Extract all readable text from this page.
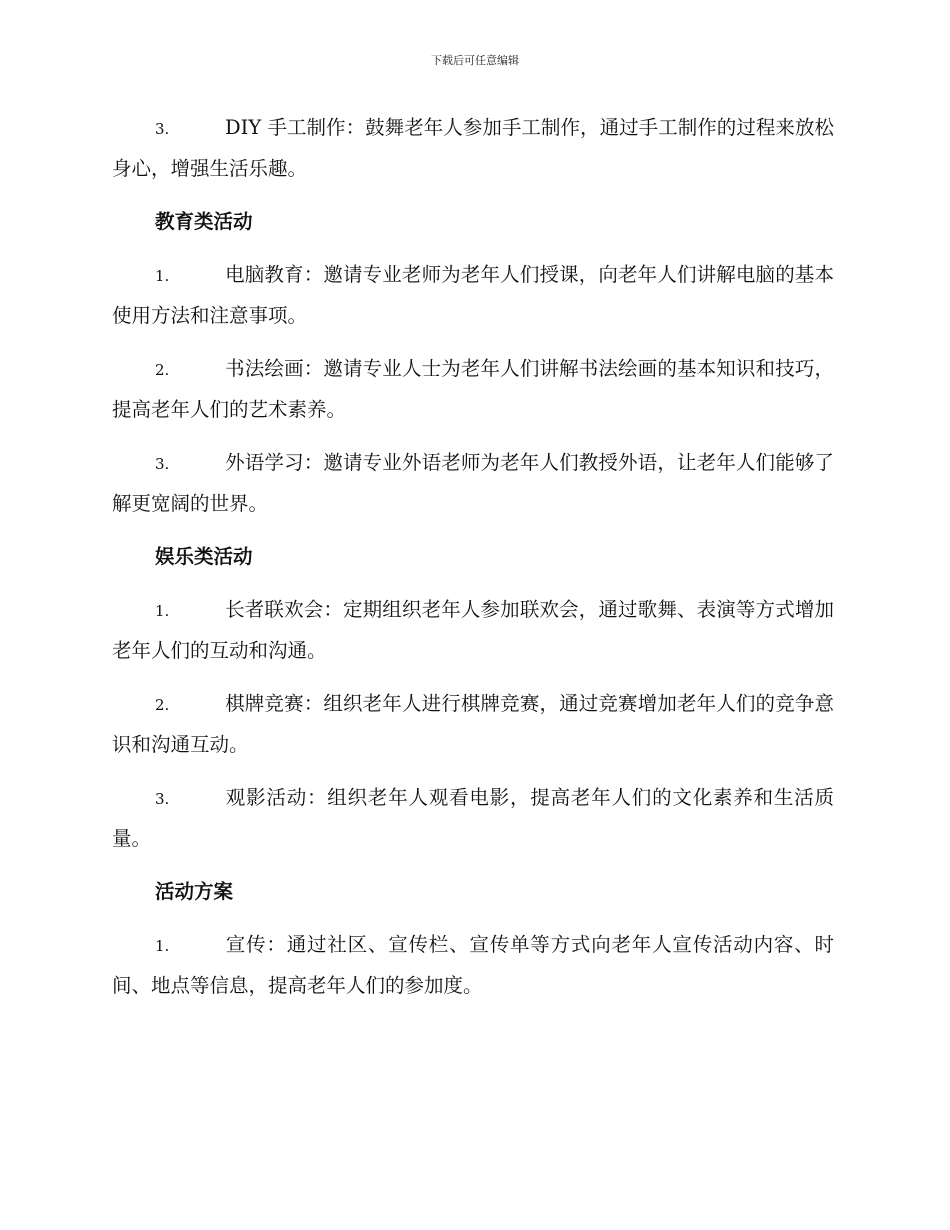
下载后可任意编辑

3.	DIY 手工制作：鼓舞老年人参加手工制作，通过手工制作的过程来放松身心，增强生活乐趣。

教育类活动

1.	电脑教育：邀请专业老师为老年人们授课，向老年人们讲解电脑的基本使用方法和注意事项。

2.	书法绘画：邀请专业人士为老年人们讲解书法绘画的基本知识和技巧，提高老年人们的艺术素养。

3.	外语学习：邀请专业外语老师为老年人们教授外语，让老年人们能够了解更宽阔的世界。

娱乐类活动

1.	长者联欢会：定期组织老年人参加联欢会，通过歌舞、表演等方式增加老年人们的互动和沟通。

2.	棋牌竞赛：组织老年人进行棋牌竞赛，通过竞赛增加老年人们的竞争意识和沟通互动。

3.	观影活动：组织老年人观看电影，提高老年人们的文化素养和生活质量。

活动方案

1.	宣传：通过社区、宣传栏、宣传单等方式向老年人宣传活动内容、时间、地点等信息，提高老年人们的参加度。
